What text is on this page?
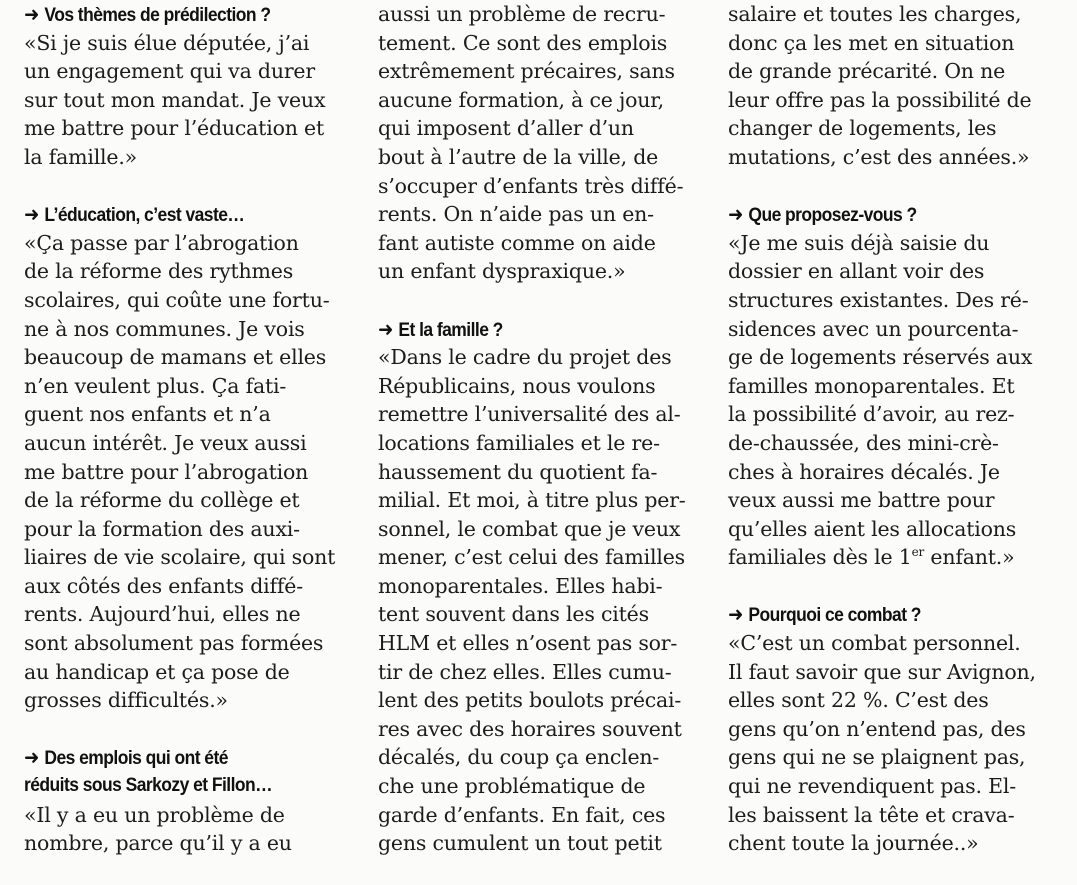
➜ Vos thèmes de prédilection ?
«Si je suis élue députée, j’ai
un engagement qui va durer
sur tout mon mandat. Je veux
me battre pour l’éducation et
la famille.»
➜ L’éducation, c’est vaste…
«Ça passe par l’abrogation
de la réforme des rythmes
scolaires, qui coûte une fortu-
ne à nos communes. Je vois
beaucoup de mamans et elles
n’en veulent plus. Ça fati-
guent nos enfants et n’a
aucun intérêt. Je veux aussi
me battre pour l’abrogation
de la réforme du collège et
pour la formation des auxi-
liaires de vie scolaire, qui sont
aux côtés des enfants diffé-
rents. Aujourd’hui, elles ne
sont absolument pas formées
au handicap et ça pose de
grosses difficultés.»
➜ Des emplois qui ont été
réduits sous Sarkozy et Fillon…
«Il y a eu un problème de
nombre, parce qu’il y a eu
aussi un problème de recru-
tement. Ce sont des emplois
extrêmement précaires, sans
aucune formation, à ce jour,
qui imposent d’aller d’un
bout à l’autre de la ville, de
s’occuper d’enfants très diffé-
rents. On n’aide pas un en-
fant autiste comme on aide
un enfant dyspraxique.»
➜ Et la famille ?
«Dans le cadre du projet des
Républicains, nous voulons
remettre l’universalité des al-
locations familiales et le re-
haussement du quotient fa-
milial. Et moi, à titre plus per-
sonnel, le combat que je veux
mener, c’est celui des familles
monoparentales. Elles habi-
tent souvent dans les cités
HLM et elles n’osent pas sor-
tir de chez elles. Elles cumu-
lent des petits boulots précai-
res avec des horaires souvent
décalés, du coup ça enclen-
che une problématique de
garde d’enfants. En fait, ces
gens cumulent un tout petit
salaire et toutes les charges,
donc ça les met en situation
de grande précarité. On ne
leur offre pas la possibilité de
changer de logements, les
mutations, c’est des années.»
➜ Que proposez-vous ?
«Je me suis déjà saisie du
dossier en allant voir des
structures existantes. Des ré-
sidences avec un pourcenta-
ge de logements réservés aux
familles monoparentales. Et
la possibilité d’avoir, au rez-
de-chaussée, des mini-crè-
ches à horaires décalés. Je
veux aussi me battre pour
qu’elles aient les allocations
familiales dès le 1er enfant.»
➜ Pourquoi ce combat ?
«C’est un combat personnel.
Il faut savoir que sur Avignon,
elles sont 22 %. C’est des
gens qu’on n’entend pas, des
gens qui ne se plaignent pas,
qui ne revendiquent pas. El-
les baissent la tête et crava-
chent toute la journée..»
